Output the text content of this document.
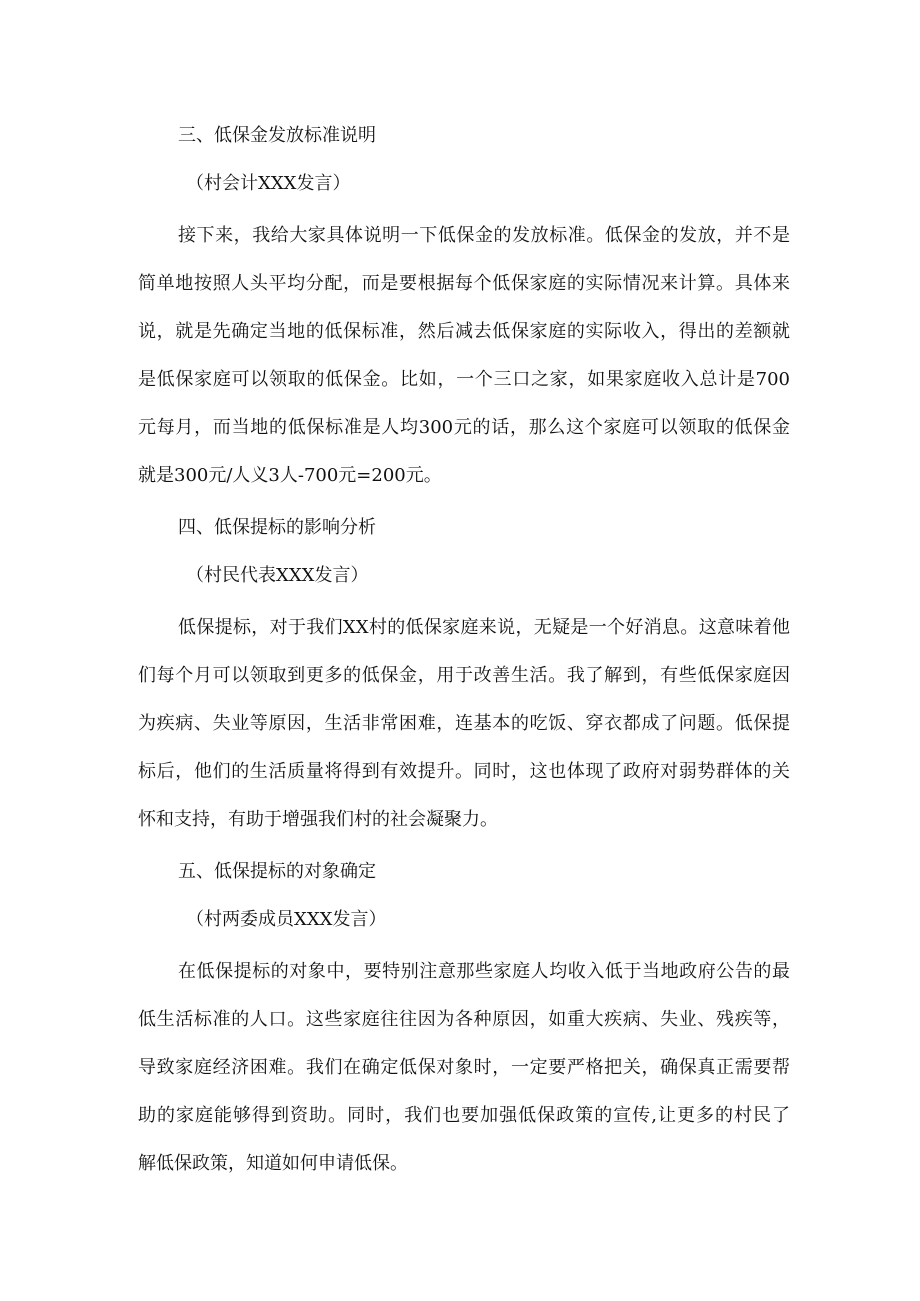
三、低保金发放标准说明
（村会计XXX发言）
接下来，我给大家具体说明一下低保金的发放标准。低保金的发放，并不是
简单地按照人头平均分配，而是要根据每个低保家庭的实际情况来计算。具体来
说，就是先确定当地的低保标准，然后减去低保家庭的实际收入，得出的差额就
是低保家庭可以领取的低保金。比如，一个三口之家，如果家庭收入总计是700
元每月，而当地的低保标准是人均300元的话，那么这个家庭可以领取的低保金
就是300元/人义3人-700元=200元。
四、低保提标的影响分析
（村民代表XXX发言）
低保提标，对于我们XX村的低保家庭来说，无疑是一个好消息。这意味着他
们每个月可以领取到更多的低保金，用于改善生活。我了解到，有些低保家庭因
为疾病、失业等原因，生活非常困难，连基本的吃饭、穿衣都成了问题。低保提
标后，他们的生活质量将得到有效提升。同时，这也体现了政府对弱势群体的关
怀和支持，有助于增强我们村的社会凝聚力。
五、低保提标的对象确定
（村两委成员XXX发言）
在低保提标的对象中，要特别注意那些家庭人均收入低于当地政府公告的最
低生活标准的人口。这些家庭往往因为各种原因，如重大疾病、失业、残疾等，
导致家庭经济困难。我们在确定低保对象时，一定要严格把关，确保真正需要帮
助的家庭能够得到资助。同时，我们也要加强低保政策的宣传,让更多的村民了
解低保政策，知道如何申请低保。
